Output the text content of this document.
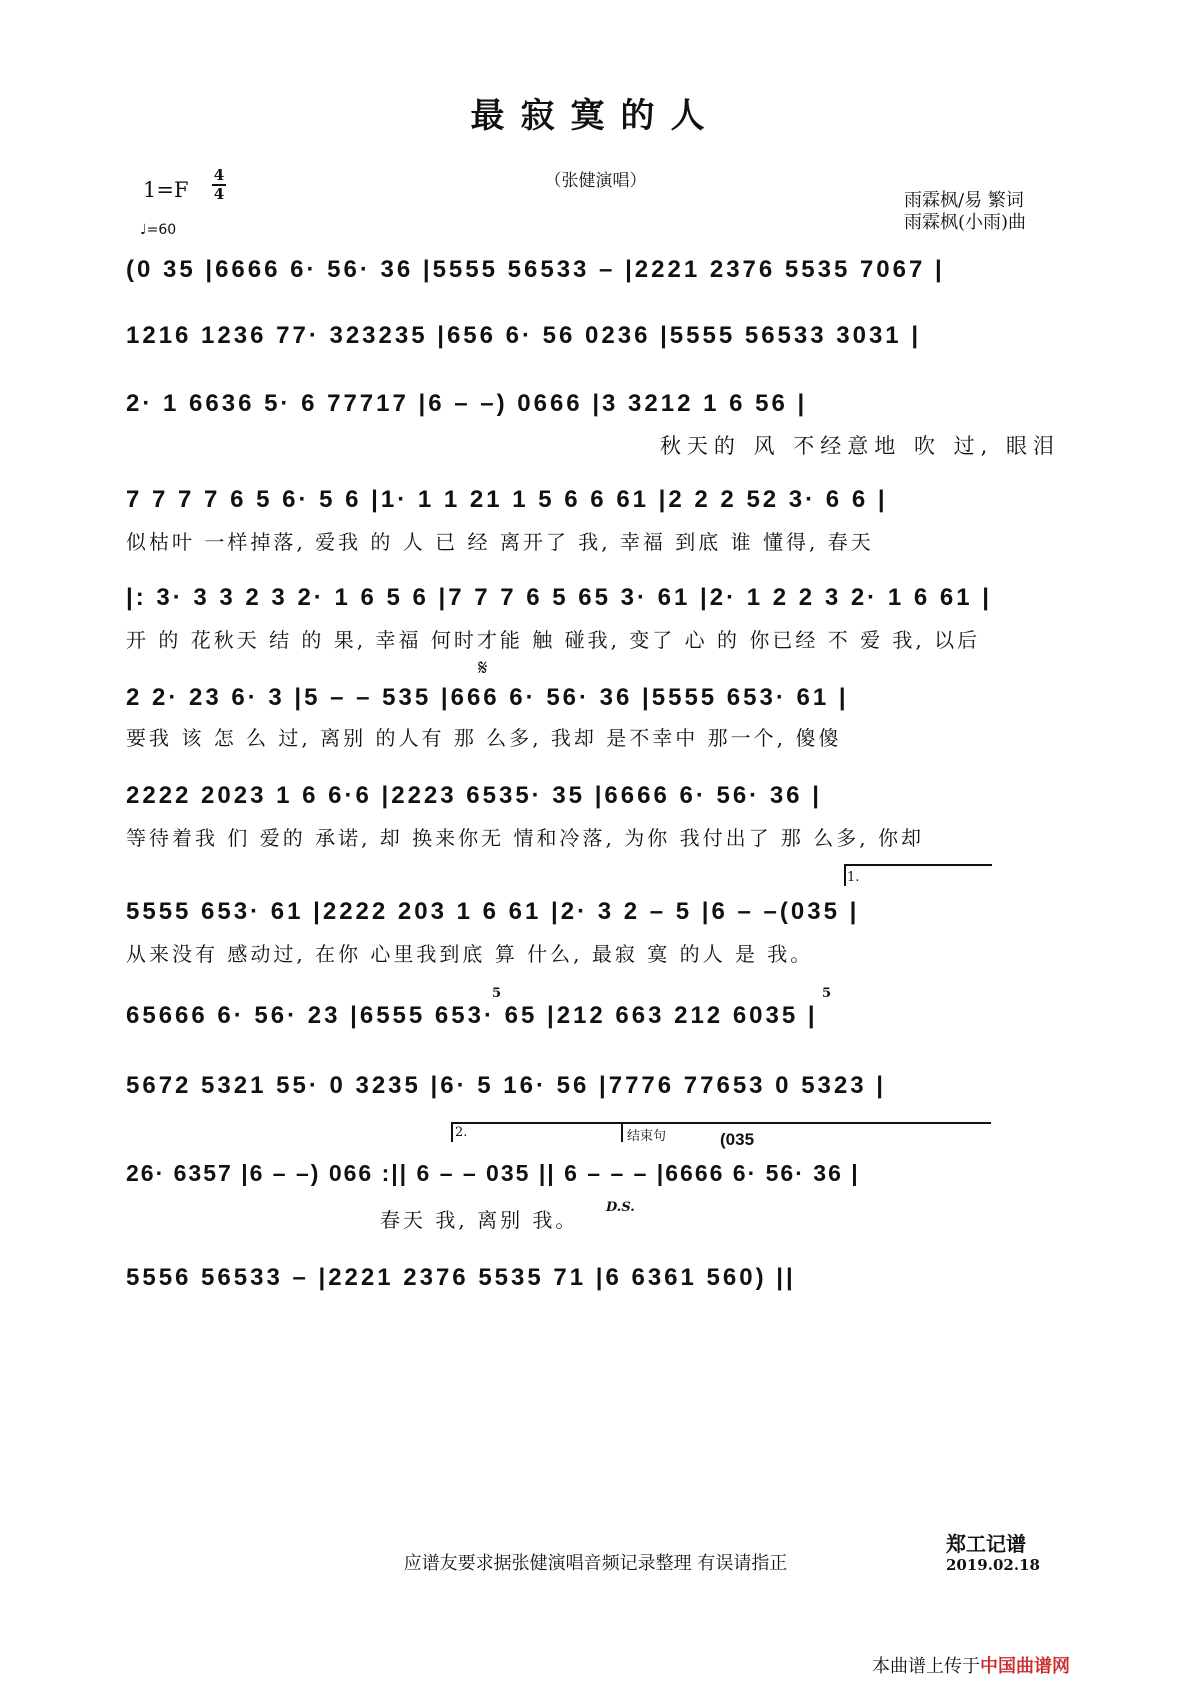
最寂寞的人
（张健演唱）
1=F
4
4
♩=60
雨霖枫/易 繁词
雨霖枫(小雨)曲
(0 35 |6666 6· 56· 36 |5555 56533 – |2221 2376 5535 7067 |
1216 1236 77· 323235 |656 6· 56 0236 |5555 56533 3031 |
2· 1 6636 5· 6 77717 |6 – –) 0666 |3 3212 1 6 56 |
秋天的 风 不经意地 吹 过, 眼泪
7 7 7 7 6 5 6· 5 6 |1· 1 1 21 1 5 6 6 61 |2 2 2 52 3· 6 6 |
似枯叶 一样掉落, 爱我 的 人 已 经 离开了 我, 幸福 到底 谁 懂得, 春天
|: 3· 3 3 2 3 2· 1 6 5 6 |7 7 7 6 5 65 3· 61 |2· 1 2 2 3 2· 1 6 61 |
开 的 花秋天 结 的 果, 幸福 何时才能 触 碰我, 变了 心 的 你已经 不 爱 我, 以后
𝄋
2 2· 23 6· 3 |5 – – 535 |666 6· 56· 36 |5555 653· 61 |
要我 该 怎 么 过, 离别 的人有 那 么多, 我却 是不幸中 那一个, 傻傻
2222 2023 1 6 6·6 |2223 6535· 35 |6666 6· 56· 36 |
等待着我 们 爱的 承诺, 却 换来你无 情和冷落, 为你 我付出了 那 么多, 你却
1.
5555 653· 61 |2222 203 1 6 61 |2· 3 2 – 5 |6 – –(035 |
从来没有 感动过, 在你 心里我到底 算 什么, 最寂 寞 的人 是 我。
5	5
65666 6· 56· 23 |6555 653· 65 |212 663 212 6035 |
5672 5321 55· 0 3235 |6· 5 16· 56 |7776 77653 0 5323 |
2.	结束句	(035
26· 6357 |6 – –) 066 :|| 6 – – 035 || 6 – – – |6666 6· 56· 36 |
D.S.
春天 我, 离别 我。
5556 56533 – |2221 2376 5535 71 |6 6361 560) ||
应谱友要求据张健演唱音频记录整理 有误请指正
郑工记谱
2019.02.18
本曲谱上传于中国曲谱网
